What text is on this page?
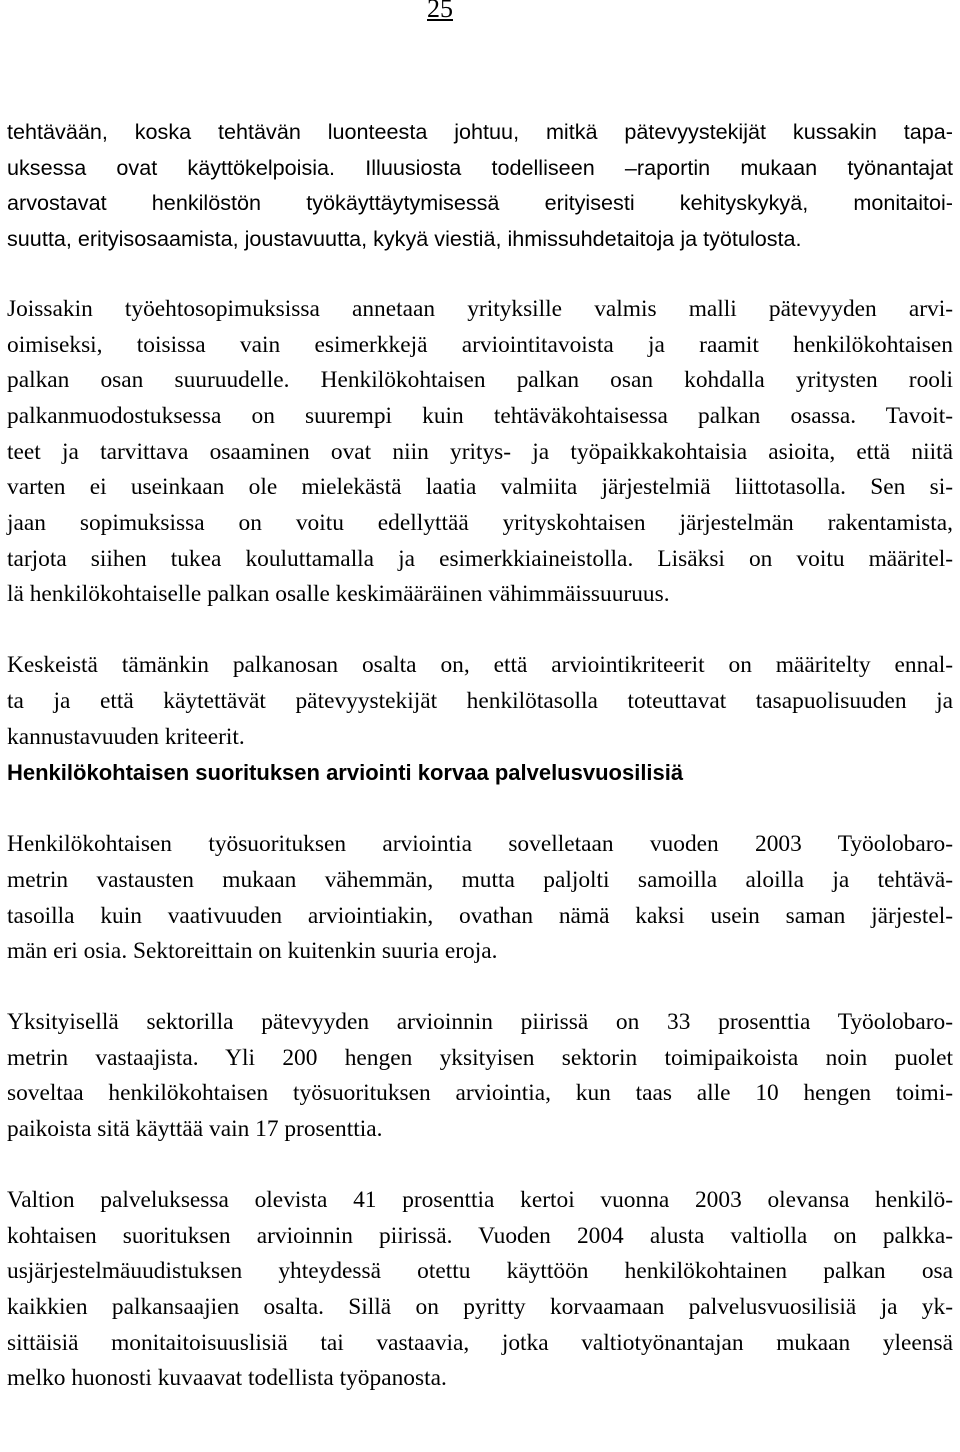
25

tehtävään, koska tehtävän luonteesta johtuu, mitkä pätevyystekijät kussakin tapa-
uksessa ovat käyttökelpoisia. Illuusiosta todelliseen –raportin mukaan työnantajat
arvostavat henkilöstön työkäyttäytymisessä erityisesti kehityskykyä, monitaitoi-
suutta, erityisosaamista, joustavuutta, kykyä viestiä, ihmissuhdetaitoja ja työtulosta.

Joissakin työehtosopimuksissa annetaan yrityksille valmis malli pätevyyden arvi-
oimiseksi, toisissa vain esimerkkejä arviointitavoista ja raamit henkilökohtaisen
palkan osan suuruudelle. Henkilökohtaisen palkan osan kohdalla yritysten rooli
palkanmuodostuksessa on suurempi kuin tehtäväkohtaisessa palkan osassa. Tavoit-
teet ja tarvittava osaaminen ovat niin yritys- ja työpaikkakohtaisia asioita, että niitä
varten ei useinkaan ole mielekästä laatia valmiita järjestelmiä liittotasolla. Sen si-
jaan sopimuksissa on voitu edellyttää yrityskohtaisen järjestelmän rakentamista,
tarjota siihen tukea kouluttamalla ja esimerkkiaineistolla. Lisäksi on voitu määritel-
lä henkilökohtaiselle palkan osalle keskimääräinen vähimmäissuuruus.

Keskeistä tämänkin palkanosan osalta on, että arviointikriteerit on määritelty ennal-
ta ja että käytettävät pätevyystekijät henkilötasolla toteuttavat tasapuolisuuden ja
kannustavuuden kriteerit.

Henkilökohtaisen suorituksen arviointi korvaa palvelusvuosilisiä

Henkilökohtaisen työsuorituksen arviointia sovelletaan vuoden 2003 Työolobaro-
metrin vastausten mukaan vähemmän, mutta paljolti samoilla aloilla ja tehtävä-
tasoilla kuin vaativuuden arviointiakin, ovathan nämä kaksi usein saman järjestel-
män eri osia. Sektoreittain on kuitenkin suuria eroja.

Yksityisellä sektorilla pätevyyden arvioinnin piirissä on 33 prosenttia Työolobaro-
metrin vastaajista. Yli 200 hengen yksityisen sektorin toimipaikoista noin puolet
soveltaa henkilökohtaisen työsuorituksen arviointia, kun taas alle 10 hengen toimi-
paikoista sitä käyttää vain 17 prosenttia.

Valtion palveluksessa olevista 41 prosenttia kertoi vuonna 2003 olevansa henkilö-
kohtaisen suorituksen arvioinnin piirissä. Vuoden 2004 alusta valtiolla on palkka-
usjärjestelmäuudistuksen yhteydessä otettu käyttöön henkilökohtainen palkan osa
kaikkien palkansaajien osalta. Sillä on pyritty korvaamaan palvelusvuosilisiä ja yk-
sittäisiä monitaitoisuuslisiä tai vastaavia, jotka valtiotyönantajan mukaan yleensä
melko huonosti kuvaavat todellista työpanosta.
